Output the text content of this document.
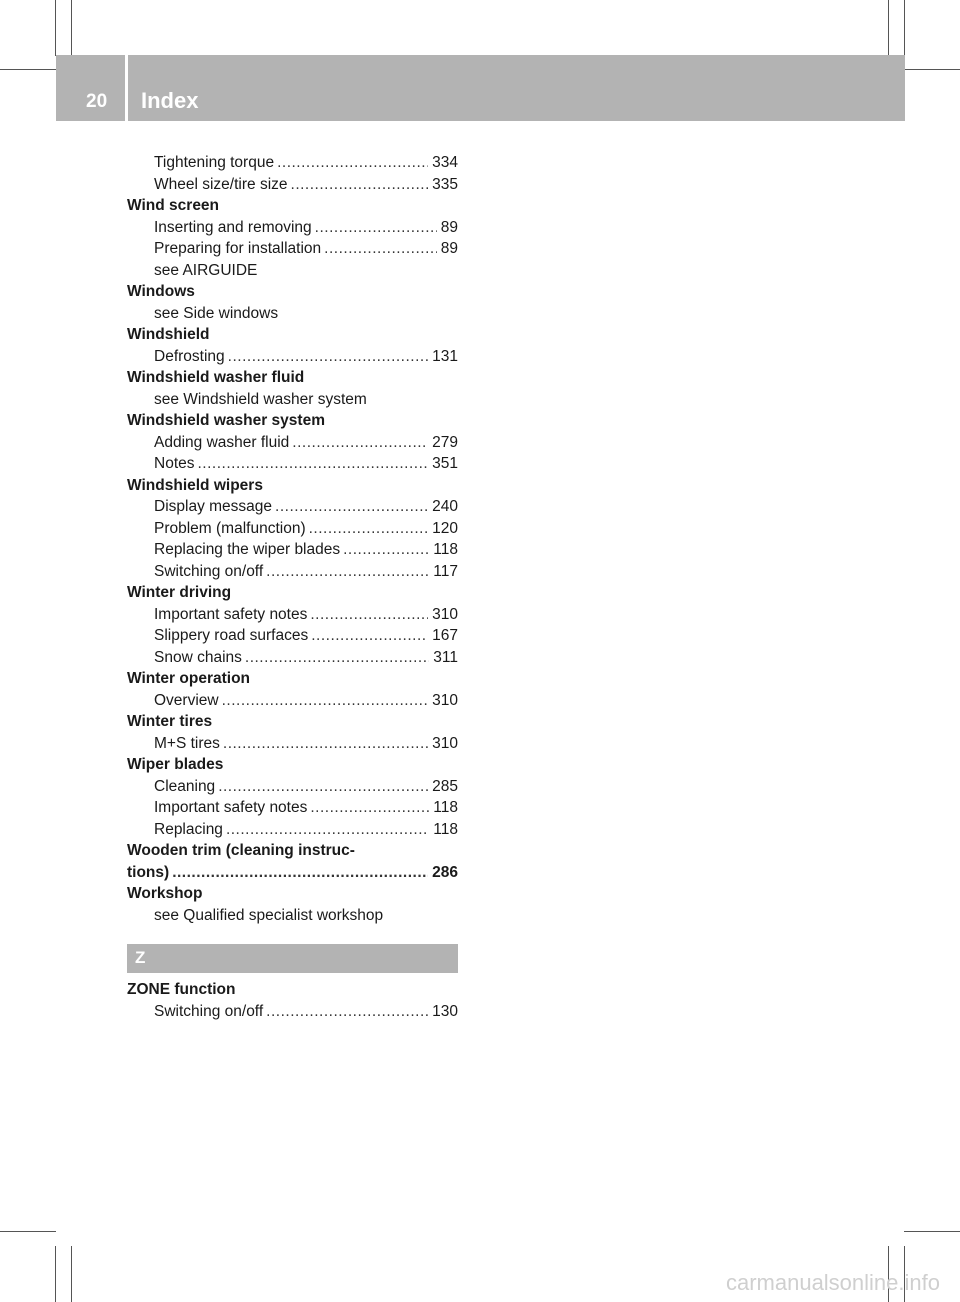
20 Index
Tightening torque .....	334
Wheel size/tire size .....	335
Wind screen
Inserting and removing .....	89
Preparing for installation .....	89
see AIRGUIDE
Windows
see Side windows
Windshield
Defrosting .....	131
Windshield washer fluid
see Windshield washer system
Windshield washer system
Adding washer fluid .....	279
Notes .....	351
Windshield wipers
Display message .....	240
Problem (malfunction) .....	120
Replacing the wiper blades .....	118
Switching on/off .....	117
Winter driving
Important safety notes .....	310
Slippery road surfaces .....	167
Snow chains .....	311
Winter operation
Overview .....	310
Winter tires
M+S tires .....	310
Wiper blades
Cleaning .....	285
Important safety notes .....	118
Replacing .....	118
Wooden trim (cleaning instruc-
tions) .....	286
Workshop
see Qualified specialist workshop
Z
ZONE function
Switching on/off .....	130
carmanualsonline.info
